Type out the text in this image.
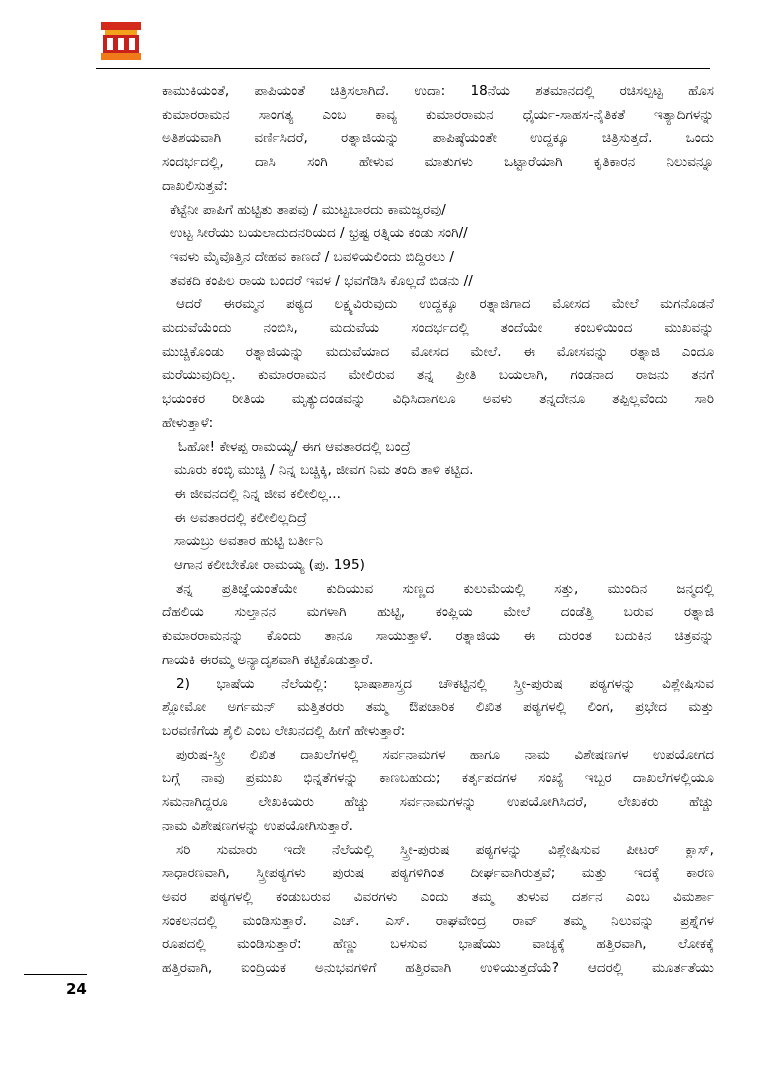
ಕಾಮುಕಿಯಂತೆ, ಪಾಪಿಯಂತೆ ಚಿತ್ರಿಸಲಾಗಿದೆ. ಉದಾ: 18ನೆಯ ಶತಮಾನದಲ್ಲಿ ರಚಿಸಲ್ಪಟ್ಟ ಹೊಸ

ಕುಮಾರರಾಮನ ಸಾಂಗತ್ಯ ಎಂಬ ಕಾವ್ಯ ಕುಮಾರರಾಮನ ಧೈರ್ಯ-ಸಾಹಸ-ನೈತಿಕತೆ ಇತ್ಯಾದಿಗಳನ್ನು

ಅತಿಶಯವಾಗಿ ವರ್ಣಿಸಿದರೆ, ರತ್ನಾಜಿಯನ್ನು ಪಾಪಿಷ್ಠೆಯಂತೇ ಉದ್ದಕ್ಕೂ ಚಿತ್ರಿಸುತ್ತದೆ. ಒಂದು

ಸಂದರ್ಭದಲ್ಲಿ, ದಾಸಿ ಸಂಗಿ ಹೇಳುವ ಮಾತುಗಳು ಒಟ್ಟಾರೆಯಾಗಿ ಕೃತಿಕಾರನ ನಿಲುವನ್ನೂ

ದಾಖಲಿಸುತ್ತವೆ:

ಕೆಟ್ಟೆನೀ ಪಾಪಿಗೆ ಹುಟ್ಟಿತು ತಾಪವು / ಮುಟ್ಟಬಾರದು ಕಾಮಜ್ವರವು/

ಉಟ್ಟ ಸೀರೆಯು ಬಯಲಾದುದನರಿಯದ / ಭ್ರಷ್ಟ ರತ್ನಿಯ ಕಂಡು ಸಂಗಿ//

ಇವಳು ಮೈವೊತ್ತಿನ ದೇಹವ ಕಾಣದೆ / ಬವಳಿಯಲಿಂದು ಬಿದ್ದಿರಲು /

ತವಕದಿ ಕಂಪಿಲ ರಾಯ ಬಂದರೆ ಇವಳ / ಭವಗೆಡಿಸಿ ಕೊಲ್ಲದೆ ಬಿಡನು //

ಆದರೆ ಈರಮ್ಮನ ಪಠ್ಯದ ಲಕ್ಷ್ಯವಿರುವುದು ಉದ್ದಕ್ಕೂ ರತ್ನಾಜಿಗಾದ ಮೋಸದ ಮೇಲೆ ಮಗನೊಡನೆ

ಮದುವೆಯೆಂದು ನಂಬಿಸಿ, ಮದುವೆಯ ಸಂದರ್ಭದಲ್ಲಿ ತಂದೆಯೇ ಕಂಬಳಿಯಿಂದ ಮುಖವನ್ನು

ಮುಚ್ಚಿಕೊಂಡು ರತ್ನಾಜಿಯನ್ನು ಮದುವೆಯಾದ ಮೋಸದ ಮೇಲೆ. ಈ ಮೋಸವನ್ನು ರತ್ನಾಜಿ ಎಂದೂ

ಮರೆಯುವುದಿಲ್ಲ. ಕುಮಾರರಾಮನ ಮೇಲಿರುವ ತನ್ನ ಪ್ರೀತಿ ಬಯಲಾಗಿ, ಗಂಡನಾದ ರಾಜನು ತನಗೆ

ಭಯಂಕರ ರೀತಿಯ ಮೃತ್ಯುದಂಡವನ್ನು ವಿಧಿಸಿದಾಗಲೂ ಅವಳು ತನ್ನದೇನೂ ತಪ್ಪಿಲ್ಲವೆಂದು ಸಾರಿ

ಹೇಳುತ್ತಾಳೆ:

ಓಹೋ! ಕೇಳಪ್ಪ ರಾಮಯ್ಯ/ ಈಗ ಆವತಾರದಲ್ಲಿ ಬಂದ್ರೆ

ಮೂರು ಕಂಬ್ಳಿ ಮುಚ್ಚಿ / ನಿನ್ನ ಬಚ್ಚಿಕ್ಕಿ, ಜೀವಗ ನಿಮ ತಂದಿ ತಾಳಿ ಕಟ್ಟಿದ.

ಈ ಜೀವನದಲ್ಲಿ ನಿನ್ನ ಜೀವ ಕಲೀಲಿಲ್ಲ...

ಈ ಅವತಾರದಲ್ಲಿ ಕಲೀಲಿಲ್ಲದಿದ್ರೆ

ಸಾಯಬ್ರು ಅವತಾರ ಹುಟ್ಟಿ ಬರ್ತೀನಿ

ಆಗಾನ ಕಲೀಬೇಕೋ ರಾಮಯ್ಯ (ಪು. 195)

ತನ್ನ ಪ್ರತಿಜ್ಞೆಯಂತೆಯೇ ಕುದಿಯುವ ಸುಣ್ಣದ ಕುಲುಮೆಯಲ್ಲಿ ಸತ್ತು, ಮುಂದಿನ ಜನ್ಮದಲ್ಲಿ

ದೆಹಲಿಯ ಸುಲ್ತಾನನ ಮಗಳಾಗಿ ಹುಟ್ಟಿ, ಕಂಪ್ಲಿಯ ಮೇಲೆ ದಂಡೆತ್ತಿ ಬರುವ ರತ್ನಾಜಿ

ಕುಮಾರರಾಮನನ್ನು ಕೊಂದು ತಾನೂ ಸಾಯುತ್ತಾಳೆ. ರತ್ನಾಜಿಯ ಈ ದುರಂತ ಬದುಕಿನ ಚಿತ್ರವನ್ನು

ಗಾಯಕಿ ಈರಮ್ಮ ಅನ್ಯಾದೃಶವಾಗಿ ಕಟ್ಟಿಕೊಡುತ್ತಾರೆ.

2) ಭಾಷೆಯ ನೆಲೆಯಲ್ಲಿ: ಭಾಷಾಶಾಸ್ತ್ರದ ಚೌಕಟ್ಟಿನಲ್ಲಿ ಸ್ತ್ರೀ-ಪುರುಷ ಪಠ್ಯಗಳನ್ನು ವಿಶ್ಲೇಷಿಸುವ

ಶ್ಲೋಮೋ ಅರ್ಗಮನ್ ಮತ್ತಿತರರು ತಮ್ಮ ಔಪಚಾರಿಕ ಲಿಖಿತ ಪಠ್ಯಗಳಲ್ಲಿ ಲಿಂಗ, ಪ್ರಭೇದ ಮತ್ತು

ಬರವಣಿಗೆಯ ಶೈಲಿ ಎಂಬ ಲೇಖನದಲ್ಲಿ ಹೀಗೆ ಹೇಳುತ್ತಾರೆ:

ಪುರುಷ-ಸ್ತ್ರೀ ಲಿಖಿತ ದಾಖಲೆಗಳಲ್ಲಿ ಸರ್ವನಾಮಗಳ ಹಾಗೂ ನಾಮ ವಿಶೇಷಣಗಳ ಉಪಯೋಗದ

ಬಗ್ಗೆ ನಾವು ಪ್ರಮುಖ ಭಿನ್ನತೆಗಳನ್ನು ಕಾಣಬಹುದು; ಕರ್ತೃಪದಗಳ ಸಂಖ್ಯೆ ಇಬ್ಬರ ದಾಖಲೆಗಳಲ್ಲಿಯೂ

ಸಮನಾಗಿದ್ದರೂ ಲೇಖಕಿಯರು ಹೆಚ್ಚು ಸರ್ವನಾಮಗಳನ್ನು ಉಪಯೋಗಿಸಿದರೆ, ಲೇಖಕರು ಹೆಚ್ಚು

ನಾಮ ವಿಶೇಷಣಗಳನ್ನು ಉಪಯೋಗಿಸುತ್ತಾರೆ.

ಸರಿ ಸುಮಾರು ಇದೇ ನೆಲೆಯಲ್ಲಿ ಸ್ತ್ರೀ-ಪುರುಷ ಪಠ್ಯಗಳನ್ನು ವಿಶ್ಲೇಷಿಸುವ ಪೀಟರ್ ಕ್ಲಾಸ್,

ಸಾಧಾರಣವಾಗಿ, ಸ್ತ್ರೀಪಠ್ಯಗಳು ಪುರುಷ ಪಠ್ಯಗಳಿಗಿಂತ ದೀರ್ಘವಾಗಿರುತ್ತವೆ; ಮತ್ತು ಇದಕ್ಕೆ ಕಾರಣ

ಅವರ ಪಠ್ಯಗಳಲ್ಲಿ ಕಂಡುಬರುವ ವಿವರಗಳು ಎಂದು ತಮ್ಮ ತುಳುವ ದರ್ಶನ ಎಂಬ ವಿಮರ್ಶಾ

ಸಂಕಲನದಲ್ಲಿ ಮಂಡಿಸುತ್ತಾರೆ. ಎಚ್. ಎಸ್. ರಾಘವೇಂದ್ರ ರಾವ್ ತಮ್ಮ ನಿಲುವನ್ನು ಪ್ರಶ್ನೆಗಳ

ರೂಪದಲ್ಲಿ ಮಂಡಿಸುತ್ತಾರೆ: ಹೆಣ್ಣು ಬಳಸುವ ಭಾಷೆಯು ವಾಚ್ಯಕ್ಕೆ ಹತ್ತಿರವಾಗಿ, ಲೋಕಕ್ಕೆ

ಹತ್ತಿರವಾಗಿ, ಐಂದ್ರಿಯಕ ಅನುಭವಗಳಿಗೆ ಹತ್ತಿರವಾಗಿ ಉಳಿಯುತ್ತದೆಯೆ? ಆದರಲ್ಲಿ ಮೂರ್ತತೆಯು

24
